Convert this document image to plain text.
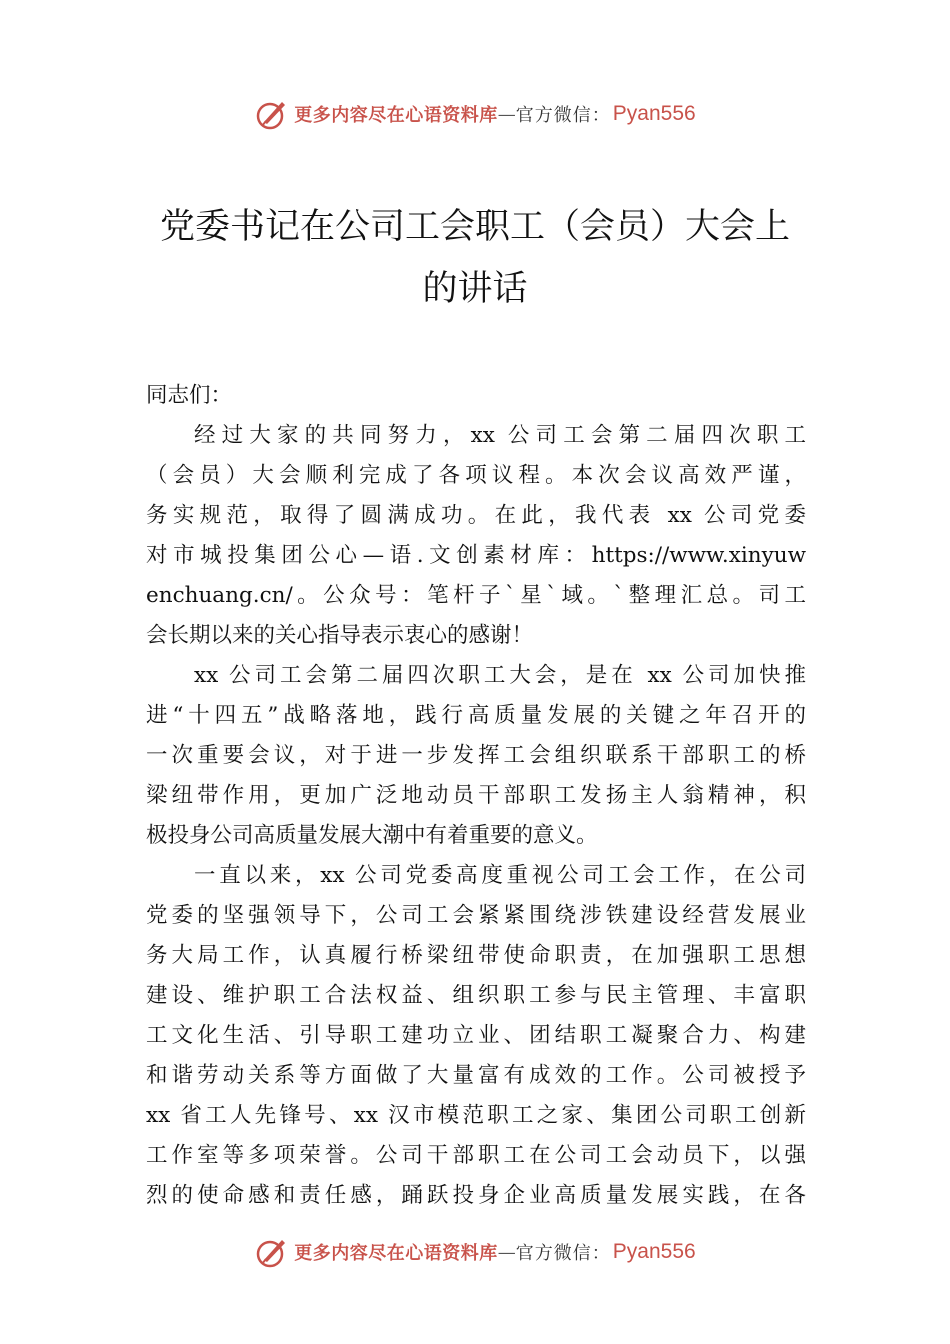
更多内容尽在心语资料库 — 官方微信： Pyan556
党委书记在公司工会职工（会员）大会上
的讲话
同志们：
经过大家的共同努力，xx 公司工会第二届四次职工
（会员）大会顺利完成了各项议程。本次会议高效严谨，
务实规范，取得了圆满成功。在此，我代表 xx 公司党委
对市城投集团公心—语.文创素材库：https://www.xinyuw
enchuang.cn/。公众号：笔杆子`星`域。`整理汇总。司工
会长期以来的关心指导表示衷心的感谢！
xx 公司工会第二届四次职工大会，是在 xx 公司加快推
进“十四五”战略落地，践行高质量发展的关键之年召开的
一次重要会议，对于进一步发挥工会组织联系干部职工的桥
梁纽带作用，更加广泛地动员干部职工发扬主人翁精神，积
极投身公司高质量发展大潮中有着重要的意义。
一直以来，xx 公司党委高度重视公司工会工作，在公司
党委的坚强领导下，公司工会紧紧围绕涉铁建设经营发展业
务大局工作，认真履行桥梁纽带使命职责，在加强职工思想
建设、维护职工合法权益、组织职工参与民主管理、丰富职
工文化生活、引导职工建功立业、团结职工凝聚合力、构建
和谐劳动关系等方面做了大量富有成效的工作。公司被授予
xx 省工人先锋号、xx 汉市模范职工之家、集团公司职工创新
工作室等多项荣誉。公司干部职工在公司工会动员下，以强
烈的使命感和责任感，踊跃投身企业高质量发展实践，在各
更多内容尽在心语资料库 — 官方微信： Pyan556
